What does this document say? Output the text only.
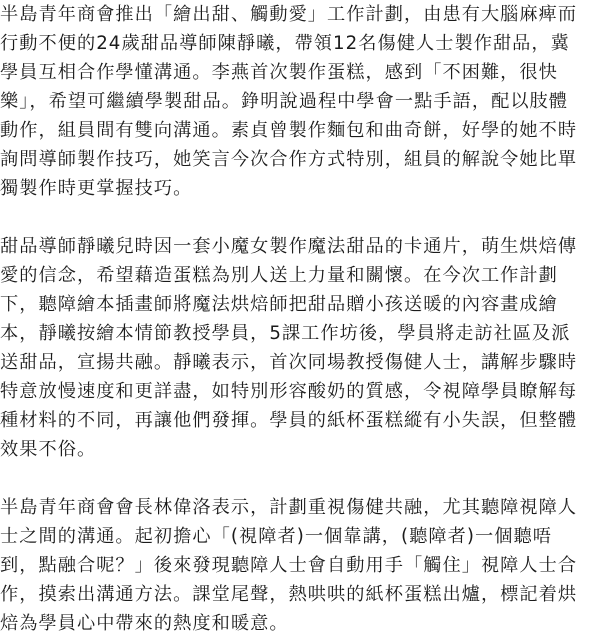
半島青年商會推出「繪出甜、觸動愛」工作計劃，由患有大腦麻痺而
行動不便的24歲甜品導師陳靜曦，帶領12名傷健人士製作甜品，冀
學員互相合作學懂溝通。李燕首次製作蛋糕，感到「不困難，很快
樂」，希望可繼續學製甜品。錚明說過程中學會一點手語，配以肢體
動作，組員間有雙向溝通。素貞曾製作麵包和曲奇餅，好學的她不時
詢問導師製作技巧，她笑言今次合作方式特別，組員的解說令她比單
獨製作時更掌握技巧。
甜品導師靜曦兒時因一套小魔女製作魔法甜品的卡通片，萌生烘焙傳
愛的信念，希望藉造蛋糕為別人送上力量和關懷。在今次工作計劃
下，聽障繪本插畫師將魔法烘焙師把甜品贈小孩送暖的內容畫成繪
本，靜曦按繪本情節教授學員，5課工作坊後，學員將走訪社區及派
送甜品，宣揚共融。靜曦表示，首次同場教授傷健人士，講解步驟時
特意放慢速度和更詳盡，如特別形容酸奶的質感，令視障學員瞭解每
種材料的不同，再讓他們發揮。學員的紙杯蛋糕縱有小失誤，但整體
效果不俗。
半島青年商會會長林偉洛表示，計劃重視傷健共融，尤其聽障視障人
士之間的溝通。起初擔心「(視障者)一個靠講，(聽障者)一個聽唔
到，點融合呢？」後來發現聽障人士會自動用手「觸住」視障人士合
作，摸索出溝通方法。課堂尾聲，熱哄哄的紙杯蛋糕出爐，標記着烘
焙為學員心中帶來的熱度和暖意。
